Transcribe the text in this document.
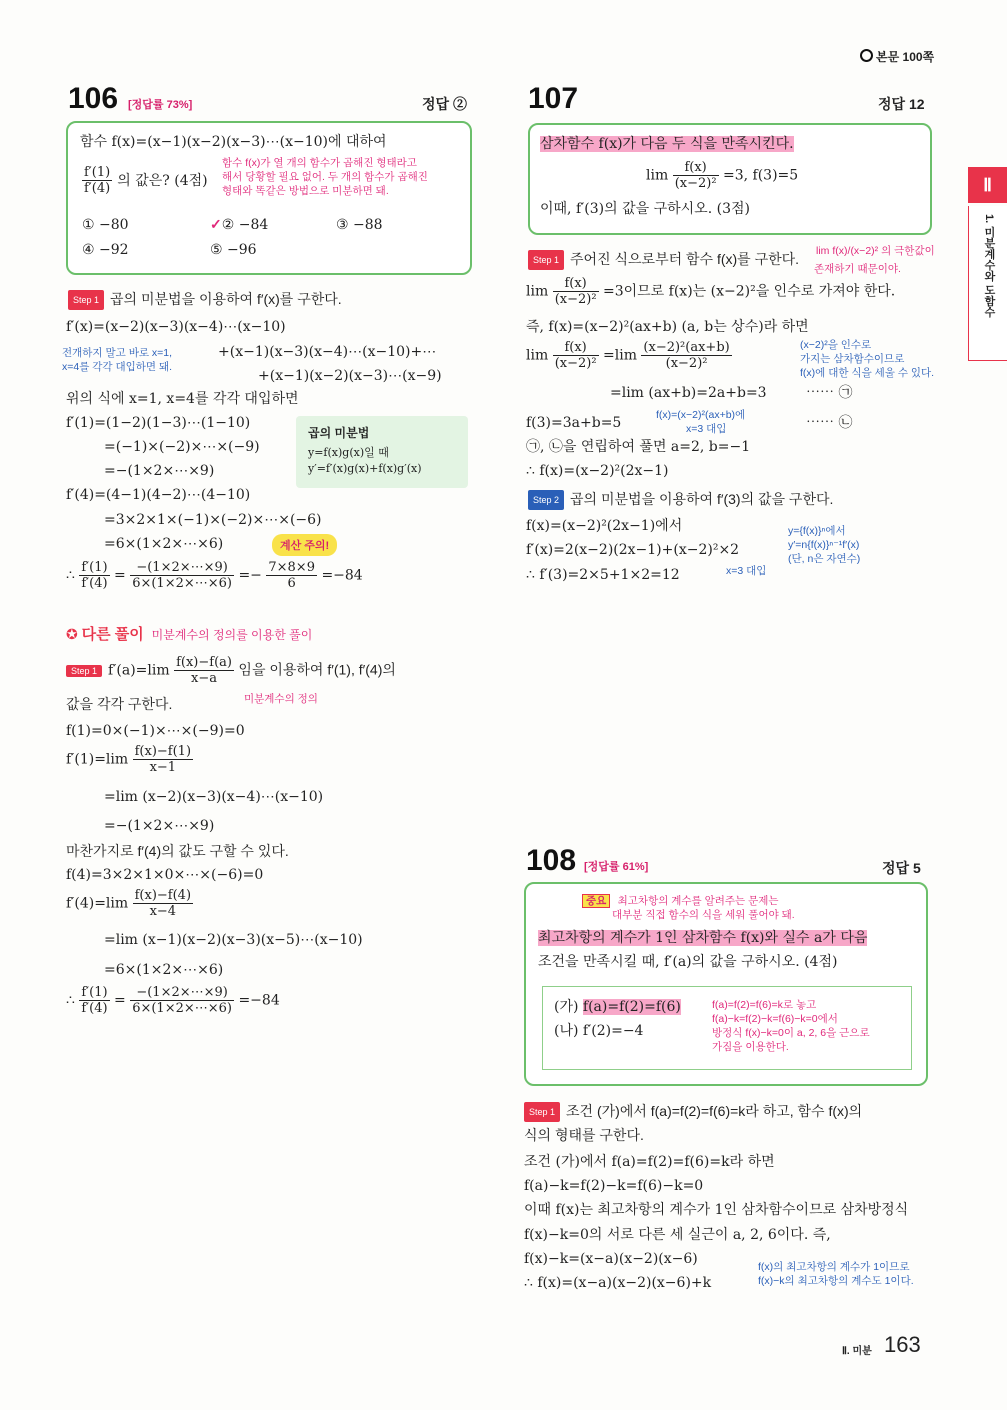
본문 100쪽
106 [정답률 73%]	정답 ②
함수 f(x)=(x−1)(x−2)(x−3)⋯(x−10)에 대하여
$\frac{f'(1)}{f'(4)}$ 의 값은? (4점)
함수 f(x)가 열 개의 함수가 곱해진 형태라고
해서 당황할 필요 없어. 두 개의 함수가 곱해진
형태와 똑같은 방법으로 미분하면 돼.
① −80	✓② −84	③ −88
④ −92	⑤ −96
Step 1 곱의 미분법을 이용하여 f′(x)를 구한다.
f′(x)=(x−2)(x−3)(x−4)⋯(x−10)
+(x−1)(x−3)(x−4)⋯(x−10)+⋯
+(x−1)(x−2)(x−3)⋯(x−9)
전개하지 말고 바로 x=1,
x=4를 각각 대입하면 돼.
위의 식에 x=1, x=4를 각각 대입하면
f′(1)=(1−2)(1−3)⋯(1−10)
=(−1)×(−2)×⋯×(−9)
=−(1×2×⋯×9)
f′(4)=(4−1)(4−2)⋯(4−10)
=3×2×1×(−1)×(−2)×⋯×(−6)
=6×(1×2×⋯×6)
곱의 미분법
y=f(x)g(x)일 때
y′=f′(x)g(x)+f(x)g′(x)
계산 주의!
∴ $\frac{f'(1)}{f'(4)} = \frac{-(1\times 2\times\cdots\times 9)}{6\times(1\times 2\times\cdots\times 6)} =- \frac{7\times 8\times 9}{6} =-84$
✪ 다른 풀이 미분계수의 정의를 이용한 풀이
Step 1 $f'(a)=\lim \frac{f(x)-f(a)}{x-a}$ 임을 이용하여 f′(1), f′(4)의
값을 각각 구한다.	미분계수의 정의
f(1)=0×(−1)×⋯×(−9)=0
$f'(1)=\lim \frac{f(x)-f(1)}{x-1}$
=lim (x−2)(x−3)(x−4)⋯(x−10)
=−(1×2×⋯×9)
마찬가지로 f′(4)의 값도 구할 수 있다.
f(4)=3×2×1×0×⋯×(−6)=0
$f'(4)=\lim \frac{f(x)-f(4)}{x-4}$
=lim (x−1)(x−2)(x−3)(x−5)⋯(x−10)
=6×(1×2×⋯×6)
∴ $\frac{f'(1)}{f'(4)} = \frac{-(1\times 2\times\cdots\times 9)}{6\times(1\times 2\times\cdots\times 6)} =-84$
107	정답 12
삼차함수 f(x)가 다음 두 식을 만족시킨다.
$\lim \frac{f(x)}{\text{(x−2)²}} =3$, f(3)=5
이때, f′(3)의 값을 구하시오. (3점)
Step 1 주어진 식으로부터 함수 f(x)를 구한다. lim f(x)/(x−2)² 의 극한값이
존재하기 때문이야.
$\lim \frac{f(x)}{\text{(x−2)²}} =3$이므로 f(x)는 (x−2)²을 인수로 가져야 한다.
즉, f(x)=(x−2)²(ax+b) (a, b는 상수)라 하면
$\lim \frac{f(x)}{\text{(x−2)²}} =\lim \frac{\text{(x−2)²(ax+b)}}{\text{(x−2)²}}$
=lim (ax+b)=2a+b=3	⋯⋯ ㉠
(x−2)²을 인수로
가지는 삼차함수이므로
f(x)에 대한 식을 세울 수 있다.
f(3)=3a+b=5	f(x)=(x−2)²(ax+b)에
x=3 대입	⋯⋯ ㉡
㉠, ㉡을 연립하여 풀면 a=2, b=−1
∴ f(x)=(x−2)²(2x−1)
Step 2 곱의 미분법을 이용하여 f′(3)의 값을 구한다.
f(x)=(x−2)²(2x−1)에서
f′(x)=2(x−2)(2x−1)+(x−2)²×2
∴ f′(3)=2×5+1×2=12	x=3 대입
y={f(x)}ⁿ에서
y′=n{f(x)}ⁿ⁻¹f′(x)
(단, n은 자연수)
108 [정답률 61%]	정답 5
중요 최고차항의 계수를 알려주는 문제는
대부분 직접 함수의 식을 세워 풀어야 돼.
최고차항의 계수가 1인 삼차함수 f(x)와 실수 a가 다음
조건을 만족시킬 때, f′(a)의 값을 구하시오. (4점)
(가) f(a)=f(2)=f(6)
(나) f′(2)=−4
f(a)=f(2)=f(6)=k로 놓고
f(a)−k=f(2)−k=f(6)−k=0에서
방정식 f(x)−k=0이 a, 2, 6을 근으로
가짐을 이용한다.
Step 1 조건 (가)에서 f(a)=f(2)=f(6)=k라 하고, 함수 f(x)의
식의 형태를 구한다.
조건 (가)에서 f(a)=f(2)=f(6)=k라 하면
f(a)−k=f(2)−k=f(6)−k=0
이때 f(x)는 최고차항의 계수가 1인 삼차함수이므로 삼차방정식
f(x)−k=0의 서로 다른 세 실근이 a, 2, 6이다. 즉,
f(x)−k=(x−a)(x−2)(x−6)
∴ f(x)=(x−a)(x−2)(x−6)+k
f(x)의 최고차항의 계수가 1이므로
f(x)−k의 최고차항의 계수도 1이다.
Ⅱ
1. 미분계수와 도함수
Ⅱ. 미분 163
